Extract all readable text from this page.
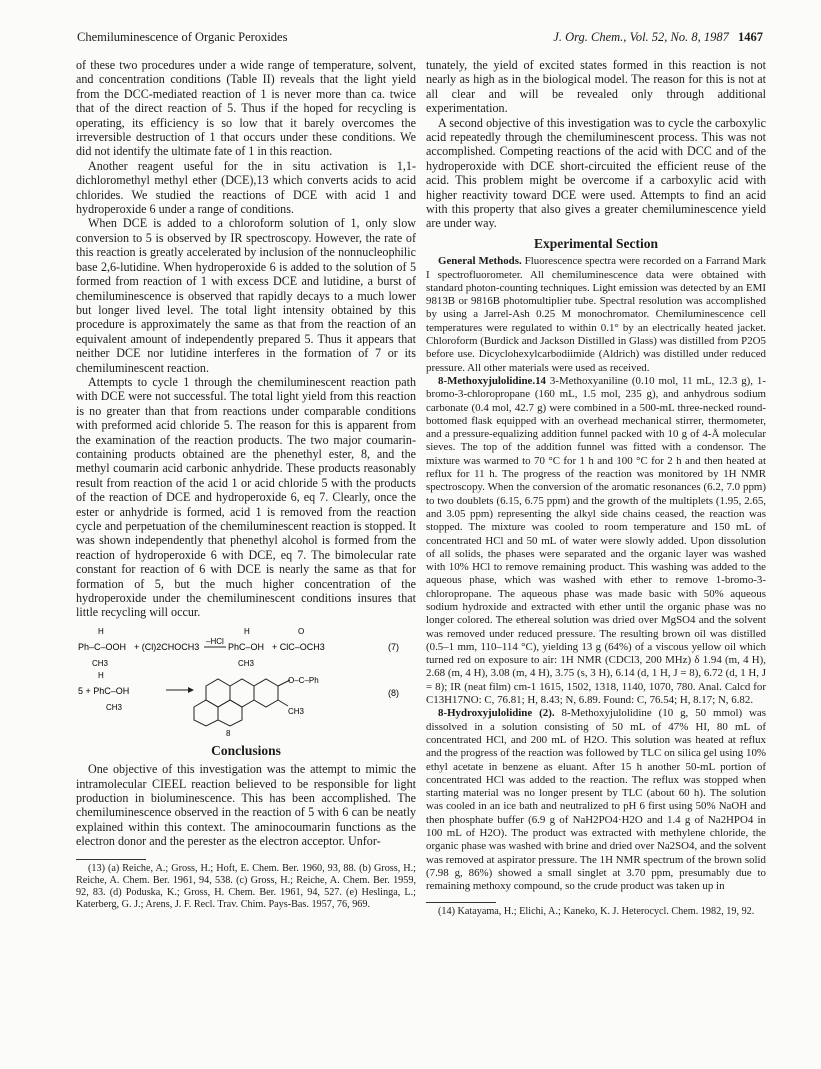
Chemiluminescence of Organic Peroxides	J. Org. Chem., Vol. 52, No. 8, 1987 1467

of these two procedures under a wide range of temperature, solvent, and concentration conditions (Table II) reveals that the light yield from the DCC-mediated reaction of 1 is never more than ca. twice that of the direct reaction of 5. Thus if the hoped for recycling is operating, its efficiency is so low that it barely overcomes the irreversible destruction of 1 that occurs under these conditions. We did not identify the ultimate fate of 1 in this reaction.

Another reagent useful for the in situ activation is 1,1-dichloromethyl methyl ether (DCE),13 which converts acids to acid chlorides. We studied the reactions of DCE with acid 1 and hydroperoxide 6 under a range of conditions.

When DCE is added to a chloroform solution of 1, only slow conversion to 5 is observed by IR spectroscopy. However, the rate of this reaction is greatly accelerated by inclusion of the nonnucleophilic base 2,6-lutidine. When hydroperoxide 6 is added to the solution of 5 formed from reaction of 1 with excess DCE and lutidine, a burst of chemiluminescence is observed that rapidly decays to a much lower but longer lived level. The total light intensity obtained by this procedure is approximately the same as that from the reaction of an equivalent amount of independently prepared 5. Thus it appears that neither DCE nor lutidine interferes in the formation of 7 or its chemiluminescent reaction.

Attempts to cycle 1 through the chemiluminescent reaction path with DCE were not successful. The total light yield from this reaction is no greater than that from reactions under comparable conditions with preformed acid chloride 5. The reason for this is apparent from the examination of the reaction products. The two major coumarin-containing products obtained are the phenethyl ester, 8, and the methyl coumarin acid carbonic anhydride. These products reasonably result from reaction of the acid 1 or acid chloride 5 with the products of the reaction of DCE and hydroperoxide 6, eq 7. Clearly, once the ester or anhydride is formed, acid 1 is removed from the reaction cycle and perpetuation of the chemiluminescent reaction is stopped. It was shown independently that phenethyl alcohol is formed from the reaction of hydroperoxide 6 with DCE, eq 7. The bimolecular rate constant for reaction of 6 with DCE is nearly the same as that for formation of 5, but the much higher concentration of the hydroperoxide under the chemiluminescent conditions insures that little recycling will occur.

H
Ph–C–OOH
CH3
+ (Cl)2CHOCH3
–HCl
H
PhC–OH
CH3
O
+ ClC–OCH3	(7)
H
5 + PhC–OH
CH3
O–C–Ph
CH3
8
(8)
Conclusions

One objective of this investigation was the attempt to mimic the intramolecular CIEEL reaction believed to be responsible for light production in bioluminescence. This has been accomplished. The chemiluminescence observed in the reaction of 5 with 6 can be neatly explained within this context. The aminocoumarin functions as the electron donor and the perester as the electron acceptor. Unfor-

(13) (a) Reiche, A.; Gross, H.; Hoft, E. Chem. Ber. 1960, 93, 88. (b) Gross, H.; Reiche, A. Chem. Ber. 1961, 94, 538. (c) Gross, H.; Reiche, A. Chem. Ber. 1959, 92, 83. (d) Poduska, K.; Gross, H. Chem. Ber. 1961, 94, 527. (e) Heslinga, L.; Katerberg, G. J.; Arens, J. F. Recl. Trav. Chim. Pays-Bas. 1957, 76, 969.

tunately, the yield of excited states formed in this reaction is not nearly as high as in the biological model. The reason for this is not at all clear and will be revealed only through additional experimentation.

A second objective of this investigation was to cycle the carboxylic acid repeatedly through the chemiluminescent process. This was not accomplished. Competing reactions of the acid with DCC and of the hydroperoxide with DCE short-circuited the efficient reuse of the acid. This problem might be overcome if a carboxylic acid with higher reactivity toward DCE were used. Attempts to find an acid with this property that also gives a greater chemiluminescence yield are under way.

Experimental Section

General Methods. Fluorescence spectra were recorded on a Farrand Mark I spectrofluorometer. All chemiluminescence data were obtained with standard photon-counting techniques. Light emission was detected by an EMI 9813B or 9816B photomultiplier tube. Spectral resolution was accomplished by using a Jarrel-Ash 0.25 M monochromator. Chemiluminescence cell temperatures were regulated to within 0.1° by an electrically heated jacket. Chloroform (Burdick and Jackson Distilled in Glass) was distilled from P2O5 before use. Dicyclohexylcarbodiimide (Aldrich) was distilled under reduced pressure. All other materials were used as received.

8-Methoxyjulolidine.14 3-Methoxyaniline (0.10 mol, 11 mL, 12.3 g), 1-bromo-3-chloropropane (160 mL, 1.5 mol, 235 g), and anhydrous sodium carbonate (0.4 mol, 42.7 g) were combined in a 500-mL three-necked round-bottomed flask equipped with an overhead mechanical stirrer, thermometer, and a pressure-equalizing addition funnel packed with 10 g of 4-Å molecular sieves. The top of the addition funnel was fitted with a condensor. The mixture was warmed to 70 °C for 1 h and 100 °C for 2 h and then heated at reflux for 11 h. The progress of the reaction was monitored by 1H NMR spectroscopy. When the conversion of the aromatic resonances (6.2, 7.0 ppm) to two doublets (6.15, 6.75 ppm) and the growth of the multiplets (1.95, 2.65, and 3.05 ppm) representing the alkyl side chains ceased, the reaction was stopped. The mixture was cooled to room temperature and 150 mL of concentrated HCl and 50 mL of water were slowly added. Upon dissolution of all solids, the phases were separated and the organic layer was washed with 10% HCl to remove remaining product. This washing was added to the aqueous phase, which was washed with ether to remove 1-bromo-3-chloropropane. The aqueous phase was made basic with 50% aqueous sodium hydroxide and extracted with ether until the organic phase was no longer colored. The ethereal solution was dried over MgSO4 and the solvent was removed under reduced pressure. The resulting brown oil was distilled (0.5–1 mm, 110–114 °C), yielding 13 g (64%) of a viscous yellow oil which turned red on exposure to air: 1H NMR (CDCl3, 200 MHz) δ 1.94 (m, 4 H), 2.68 (m, 4 H), 3.08 (m, 4 H), 3.75 (s, 3 H), 6.14 (d, 1 H, J = 8), 6.72 (d, 1 H, J = 8); IR (neat film) cm-1 1615, 1502, 1318, 1140, 1070, 780. Anal. Calcd for C13H17NO: C, 76.81; H, 8.43; N, 6.89. Found: C, 76.54; H, 8.17; N, 6.82.

8-Hydroxyjulolidine (2). 8-Methoxyjulolidine (10 g, 50 mmol) was dissolved in a solution consisting of 50 mL of 47% HI, 80 mL of concentrated HCl, and 200 mL of H2O. This solution was heated at reflux and the progress of the reaction was followed by TLC on silica gel using 10% ethyl acetate in benzene as eluant. After 15 h another 50-mL portion of concentrated HCl was added to the reaction. The reflux was stopped when starting material was no longer present by TLC (about 60 h). The solution was cooled in an ice bath and neutralized to pH 6 first using 50% NaOH and then phosphate buffer (6.9 g of NaH2PO4·H2O and 1.4 g of Na2HPO4 in 100 mL of H2O). The product was extracted with methylene chloride, the organic phase was washed with brine and dried over Na2SO4, and the solvent was removed at aspirator pressure. The 1H NMR spectrum of the brown solid (7.98 g, 86%) showed a small singlet at 3.70 ppm, presumably due to remaining methoxy compound, so the crude product was taken up in

(14) Katayama, H.; Elichi, A.; Kaneko, K. J. Heterocycl. Chem. 1982, 19, 92.
